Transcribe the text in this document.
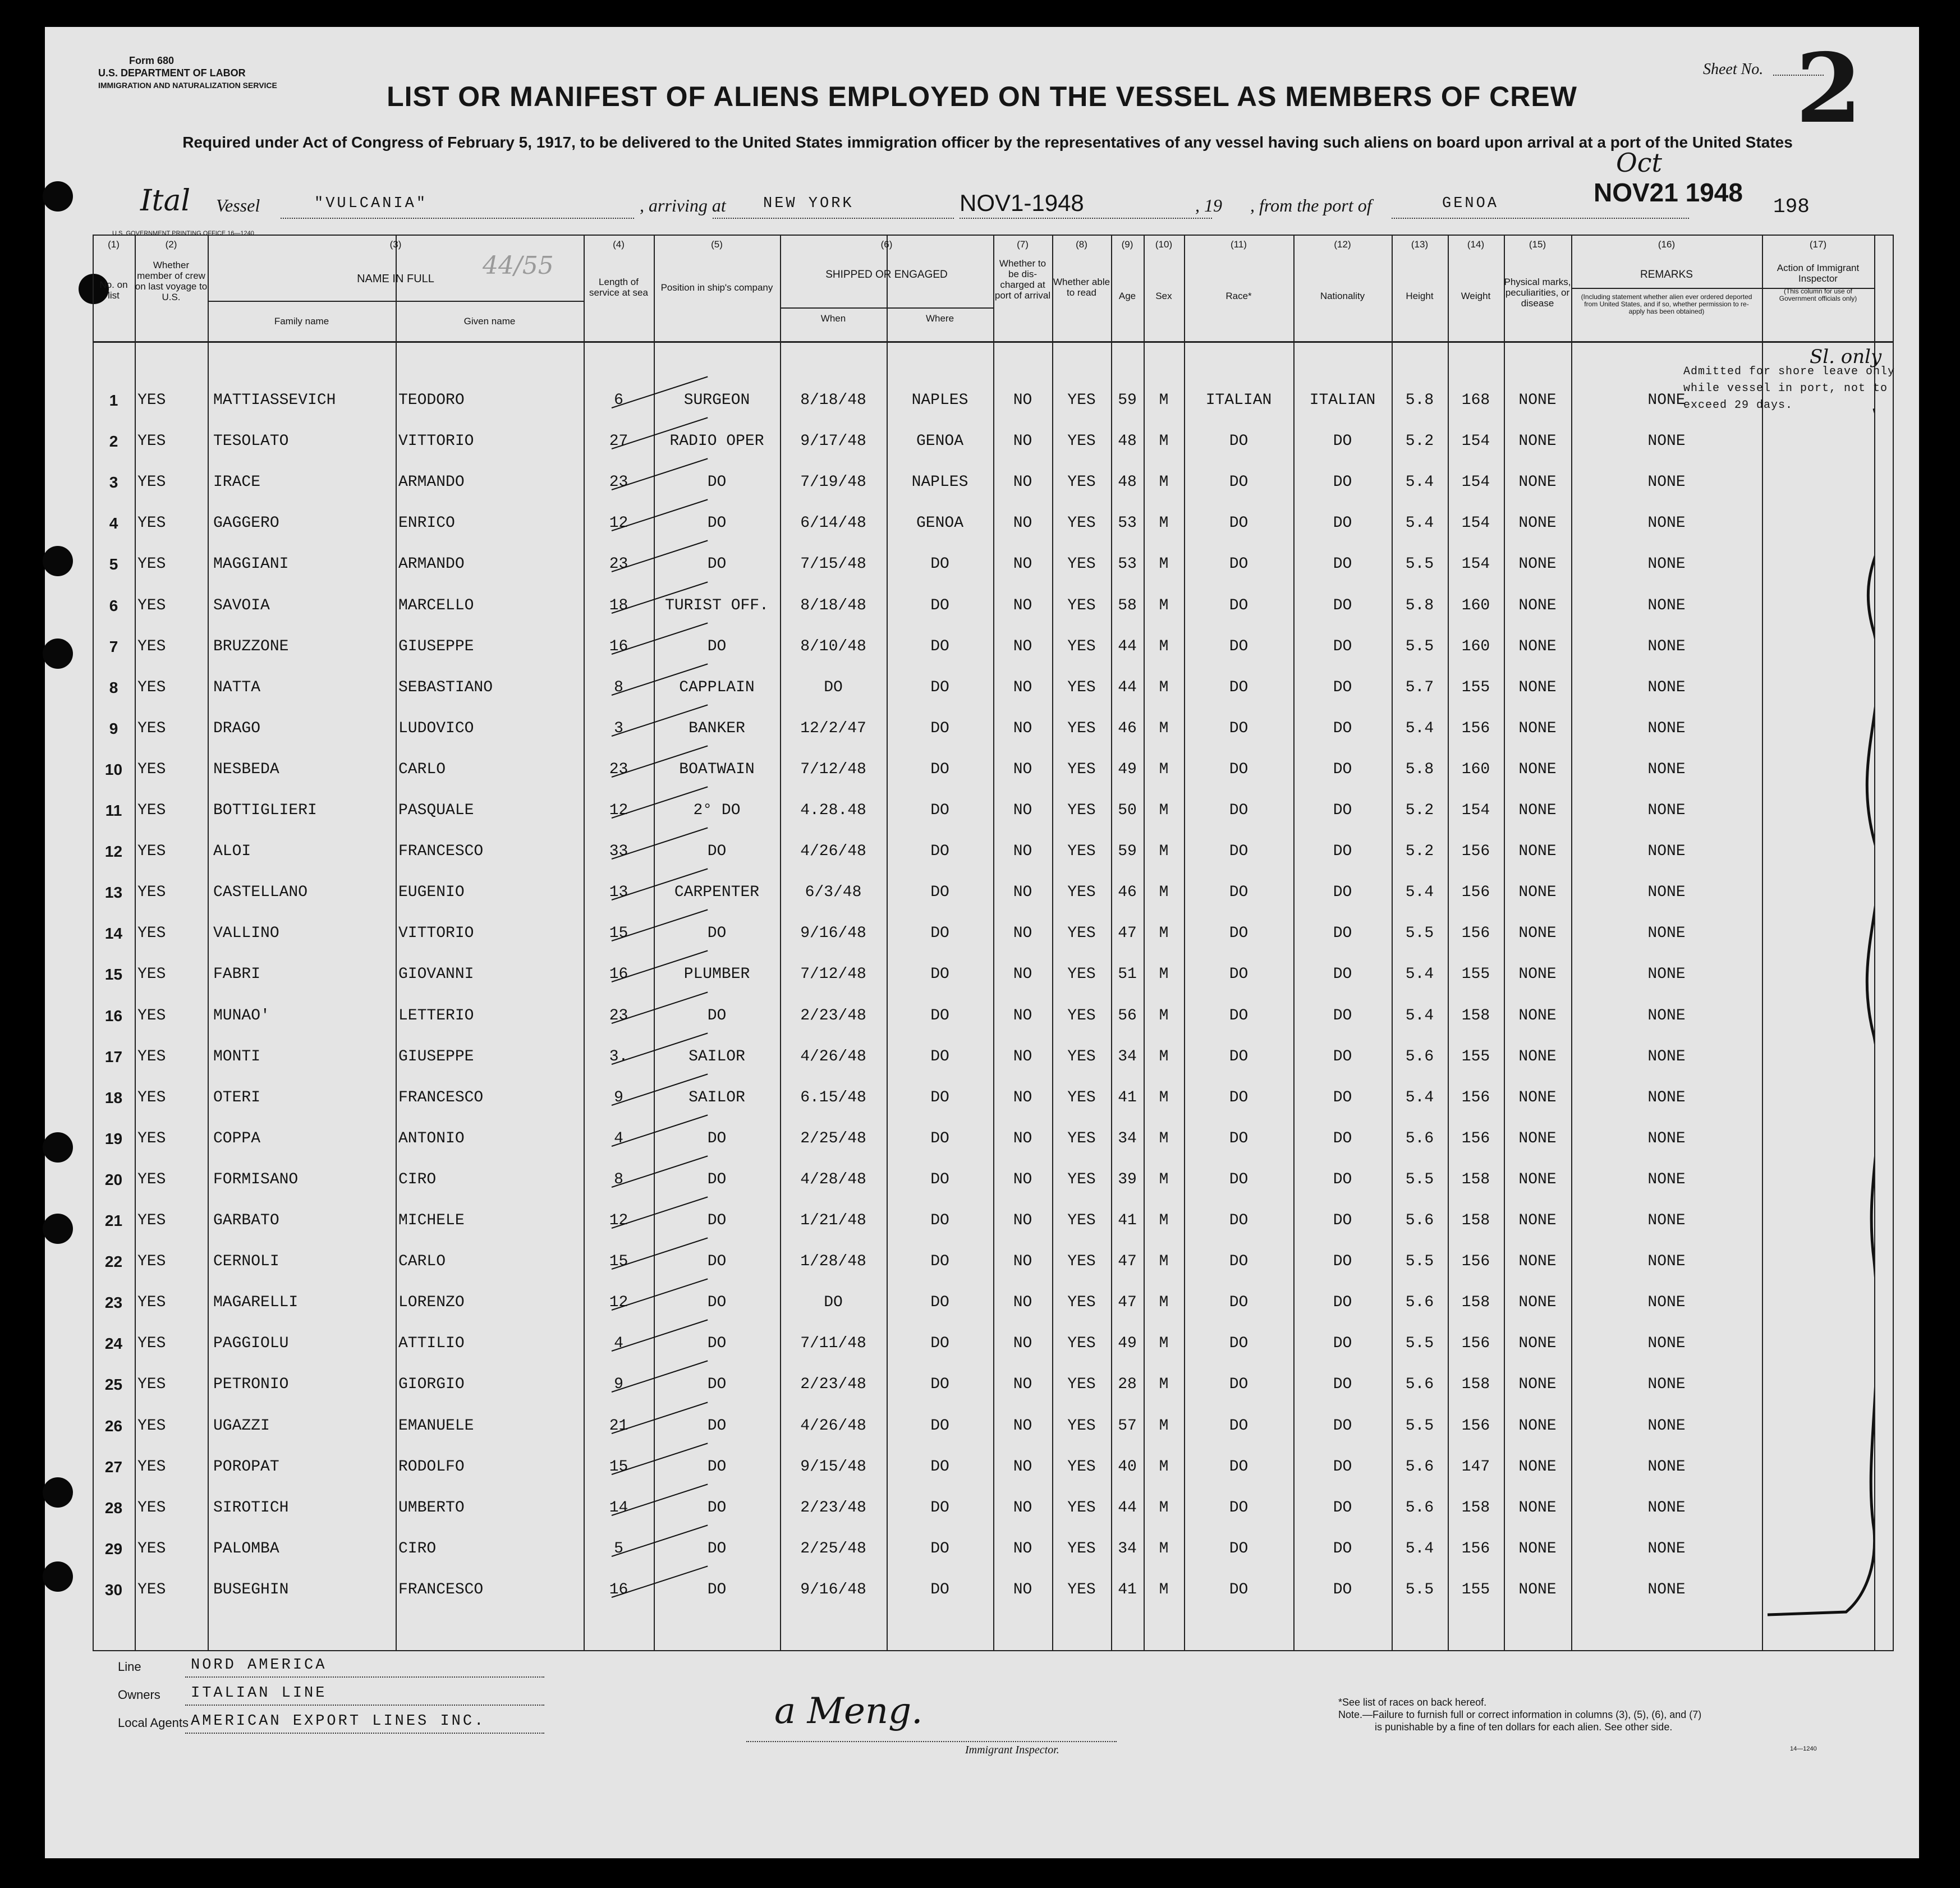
Form 680
U.S. DEPARTMENT OF LABOR
IMMIGRATION AND NATURALIZATION SERVICE
Sheet No. 2
LIST OR MANIFEST OF ALIENS EMPLOYED ON THE VESSEL AS MEMBERS OF CREW
Required under Act of Congress of February 5, 1917, to be delivered to the United States immigration officer by the representatives of any vessel having such aliens on board upon arrival at a port of the United States
Ital Vessel	"VULCANIA"	, arriving at NEW YORK	NOV1-1948	, 19 , from the port of	GENOA
Oct
NOV21 1948 198
U.S. GOVERNMENT PRINTING OFFICE 16—1240
(1)	(2)	(3)	(4)	(5)	(6)	(7)	(8)	(9)	(10)	(11)	(12)	(13)	(14)	(15)	(16)	(17)
No. on list
Whether member of crew on last voyage to U.S.
NAME IN FULL
Family name	Given name
Length of service at sea	Position in ship's company
SHIPPED OR ENGAGED
When	Where
Whether to be dis-charged at port of arrival
Whether able to read	Age	Sex	Race*	Nationality	Height	Weight
Physical marks, peculiarities, or disease
REMARKS
(Including statement whether alien ever ordered deported from United States, and if so, whether permission to re-apply has been obtained)
Action of Immigrant Inspector
(This column for use of Government officials only)
44/55
1	YES	MATTIASSEVICH	TEODORO	6	SURGEON	8/18/48	NAPLES	NO	YES	59	M	ITALIAN	ITALIAN	5.8	168	NONE	NONE
2	YES	TESOLATO	VITTORIO	27	RADIO OPER	9/17/48	GENOA	NO	YES	48	M	DO	DO	5.2	154	NONE	NONE
3	YES	IRACE	ARMANDO	23	DO	7/19/48	NAPLES	NO	YES	48	M	DO	DO	5.4	154	NONE	NONE
4	YES	GAGGERO	ENRICO	12	DO	6/14/48	GENOA	NO	YES	53	M	DO	DO	5.4	154	NONE	NONE
5	YES	MAGGIANI	ARMANDO	23	DO	7/15/48	DO	NO	YES	53	M	DO	DO	5.5	154	NONE	NONE
6	YES	SAVOIA	MARCELLO	18	TURIST OFF.	8/18/48	DO	NO	YES	58	M	DO	DO	5.8	160	NONE	NONE
7	YES	BRUZZONE	GIUSEPPE	16	DO	8/10/48	DO	NO	YES	44	M	DO	DO	5.5	160	NONE	NONE
8	YES	NATTA	SEBASTIANO	8	CAPPLAIN	DO	DO	NO	YES	44	M	DO	DO	5.7	155	NONE	NONE
9	YES	DRAGO	LUDOVICO	3	BANKER	12/2/47	DO	NO	YES	46	M	DO	DO	5.4	156	NONE	NONE
10 YES	NESBEDA	CARLO	23	BOATWAIN	7/12/48	DO	NO	YES	49	M	DO	DO	5.8	160	NONE	NONE
11 YES	BOTTIGLIERI	PASQUALE	12	2° DO	4.28.48	DO	NO	YES	50	M	DO	DO	5.2	154	NONE	NONE
12 YES	ALOI	FRANCESCO	33	DO	4/26/48	DO	NO	YES	59	M	DO	DO	5.2	156	NONE	NONE
13 YES	CASTELLANO	EUGENIO	13	CARPENTER	6/3/48	DO	NO	YES	46	M	DO	DO	5.4	156	NONE	NONE
14 YES	VALLINO	VITTORIO	15	DO	9/16/48	DO	NO	YES	47	M	DO	DO	5.5	156	NONE	NONE
15 YES	FABRI	GIOVANNI	16	PLUMBER	7/12/48	DO	NO	YES	51	M	DO	DO	5.4	155	NONE	NONE
16 YES	MUNAO'	LETTERIO	23	DO	2/23/48	DO	NO	YES	56	M	DO	DO	5.4	158	NONE	NONE
17 YES	MONTI	GIUSEPPE	3.	SAILOR	4/26/48	DO	NO	YES	34	M	DO	DO	5.6	155	NONE	NONE
18 YES	OTERI	FRANCESCO	9	SAILOR	6.15/48	DO	NO	YES	41	M	DO	DO	5.4	156	NONE	NONE
19 YES	COPPA	ANTONIO	4	DO	2/25/48	DO	NO	YES	34	M	DO	DO	5.6	156	NONE	NONE
20 YES	FORMISANO	CIRO	8	DO	4/28/48	DO	NO	YES	39	M	DO	DO	5.5	158	NONE	NONE
21 YES	GARBATO	MICHELE	12	DO	1/21/48	DO	NO	YES	41	M	DO	DO	5.6	158	NONE	NONE
22 YES	CERNOLI	CARLO	15	DO	1/28/48	DO	NO	YES	47	M	DO	DO	5.5	156	NONE	NONE
23 YES	MAGARELLI	LORENZO	12	DO	DO	DO	NO	YES	47	M	DO	DO	5.6	158	NONE	NONE
24 YES	PAGGIOLU	ATTILIO	4	DO	7/11/48	DO	NO	YES	49	M	DO	DO	5.5	156	NONE	NONE
25 YES	PETRONIO	GIORGIO	9	DO	2/23/48	DO	NO	YES	28	M	DO	DO	5.6	158	NONE	NONE
26 YES	UGAZZI	EMANUELE	21	DO	4/26/48	DO	NO	YES	57	M	DO	DO	5.5	156	NONE	NONE
27 YES	POROPAT	RODOLFO	15	DO	9/15/48	DO	NO	YES	40	M	DO	DO	5.6	147	NONE	NONE
28 YES	SIROTICH	UMBERTO	14	DO	2/23/48	DO	NO	YES	44	M	DO	DO	5.6	158	NONE	NONE
29 YES	PALOMBA	CIRO	5	DO	2/25/48	DO	NO	YES	34	M	DO	DO	5.4	156	NONE	NONE
30 YES	BUSEGHIN	FRANCESCO	16	DO	9/16/48	DO	NO	YES	41	M	DO	DO	5.5	155	NONE	NONE
Admitted for shore leave only while vessel in port, not to exceed 29 days.
Sl. only
Line	NORD AMERICA
Owners ITALIAN LINE
Local Agents AMERICAN EXPORT LINES INC.	a Meng.
Immigrant Inspector.
*See list of races on back hereof.
Note.—Failure to furnish full or correct information in columns (3), (5), (6), and (7)
is punishable by a fine of ten dollars for each alien. See other side.
14—1240
